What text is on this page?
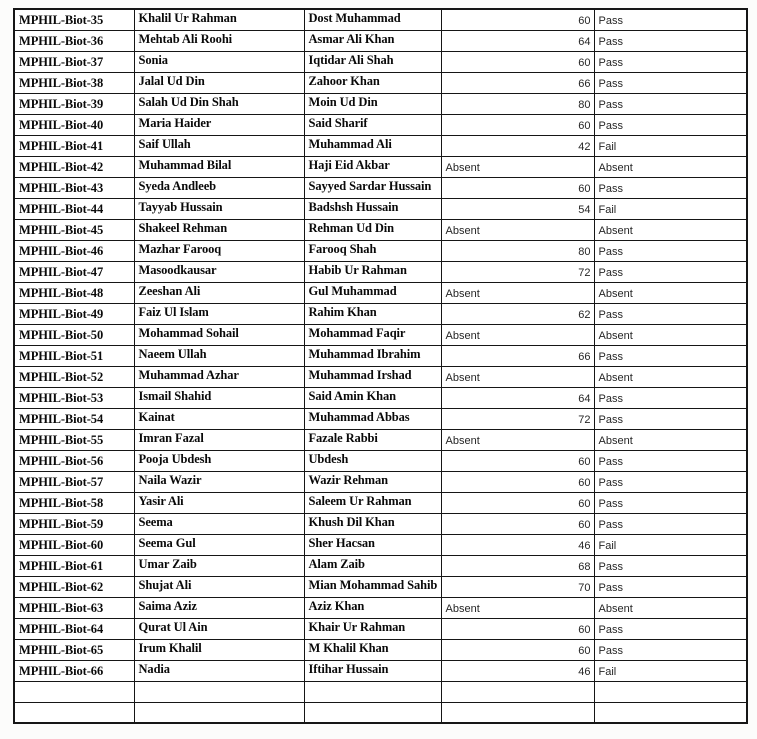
MPHIL-Biot-35	Khalil Ur Rahman	Dost Muhammad	60	Pass
MPHIL-Biot-36	Mehtab Ali Roohi	Asmar Ali Khan	64	Pass
MPHIL-Biot-37	Sonia	Iqtidar Ali Shah	60	Pass
MPHIL-Biot-38	Jalal Ud Din	Zahoor Khan	66	Pass
MPHIL-Biot-39	Salah Ud Din Shah	Moin Ud Din	80	Pass
MPHIL-Biot-40	Maria Haider	Said Sharif	60	Pass
MPHIL-Biot-41	Saif Ullah	Muhammad Ali	42	Fail
MPHIL-Biot-42	Muhammad Bilal	Haji Eid Akbar	Absent	Absent
MPHIL-Biot-43	Syeda Andleeb	Sayyed Sardar Hussain	60	Pass
MPHIL-Biot-44	Tayyab Hussain	Badshsh Hussain	54	Fail
MPHIL-Biot-45	Shakeel Rehman	Rehman Ud Din	Absent	Absent
MPHIL-Biot-46	Mazhar Farooq	Farooq Shah	80	Pass
MPHIL-Biot-47	Masoodkausar	Habib Ur Rahman	72	Pass
MPHIL-Biot-48	Zeeshan Ali	Gul Muhammad	Absent	Absent
MPHIL-Biot-49	Faiz Ul Islam	Rahim Khan	62	Pass
MPHIL-Biot-50	Mohammad Sohail	Mohammad Faqir	Absent	Absent
MPHIL-Biot-51	Naeem Ullah	Muhammad Ibrahim	66	Pass
MPHIL-Biot-52	Muhammad Azhar	Muhammad Irshad	Absent	Absent
MPHIL-Biot-53	Ismail Shahid	Said Amin Khan	64	Pass
MPHIL-Biot-54	Kainat	Muhammad Abbas	72	Pass
MPHIL-Biot-55	Imran Fazal	Fazale Rabbi	Absent	Absent
MPHIL-Biot-56	Pooja Ubdesh	Ubdesh	60	Pass
MPHIL-Biot-57	Naila Wazir	Wazir Rehman	60	Pass
MPHIL-Biot-58	Yasir Ali	Saleem Ur Rahman	60	Pass
MPHIL-Biot-59	Seema	Khush Dil Khan	60	Pass
MPHIL-Biot-60	Seema Gul	Sher Hacsan	46	Fail
MPHIL-Biot-61	Umar Zaib	Alam Zaib	68	Pass
MPHIL-Biot-62	Shujat Ali	Mian Mohammad Sahib	70	Pass
MPHIL-Biot-63	Saima Aziz	Aziz Khan	Absent	Absent
MPHIL-Biot-64	Qurat Ul Ain	Khair Ur Rahman	60	Pass
MPHIL-Biot-65	Irum Khalil	M Khalil Khan	60	Pass
MPHIL-Biot-66	Nadia	Iftihar Hussain	46	Fail
